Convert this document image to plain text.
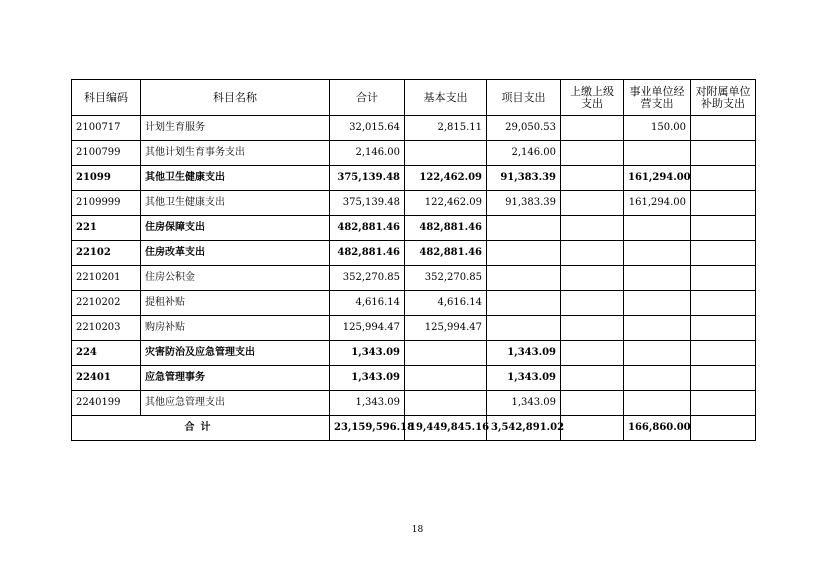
科目编码	科目名称	合计	基本支出	项目支出	上缴上级支出	事业单位经营支出	对附属单位补助支出
2100717	计划生育服务	32,015.64	2,815.11	29,050.53		150.00	
2100799	其他计划生育事务支出	2,146.00		2,146.00			
21099	其他卫生健康支出	375,139.48	122,462.09	91,383.39		161,294.00	
2109999	其他卫生健康支出	375,139.48	122,462.09	91,383.39		161,294.00	
221	住房保障支出	482,881.46	482,881.46				
22102	住房改革支出	482,881.46	482,881.46				
2210201	住房公积金	352,270.85	352,270.85				
2210202	提租补贴	4,616.14	4,616.14				
2210203	购房补贴	125,994.47	125,994.47				
224	灾害防治及应急管理支出	1,343.09		1,343.09			
22401	应急管理事务	1,343.09		1,343.09			
2240199	其他应急管理支出	1,343.09		1,343.09			
合计		23,159,596.18	19,449,845.16	3,542,891.02		166,860.00	
18
